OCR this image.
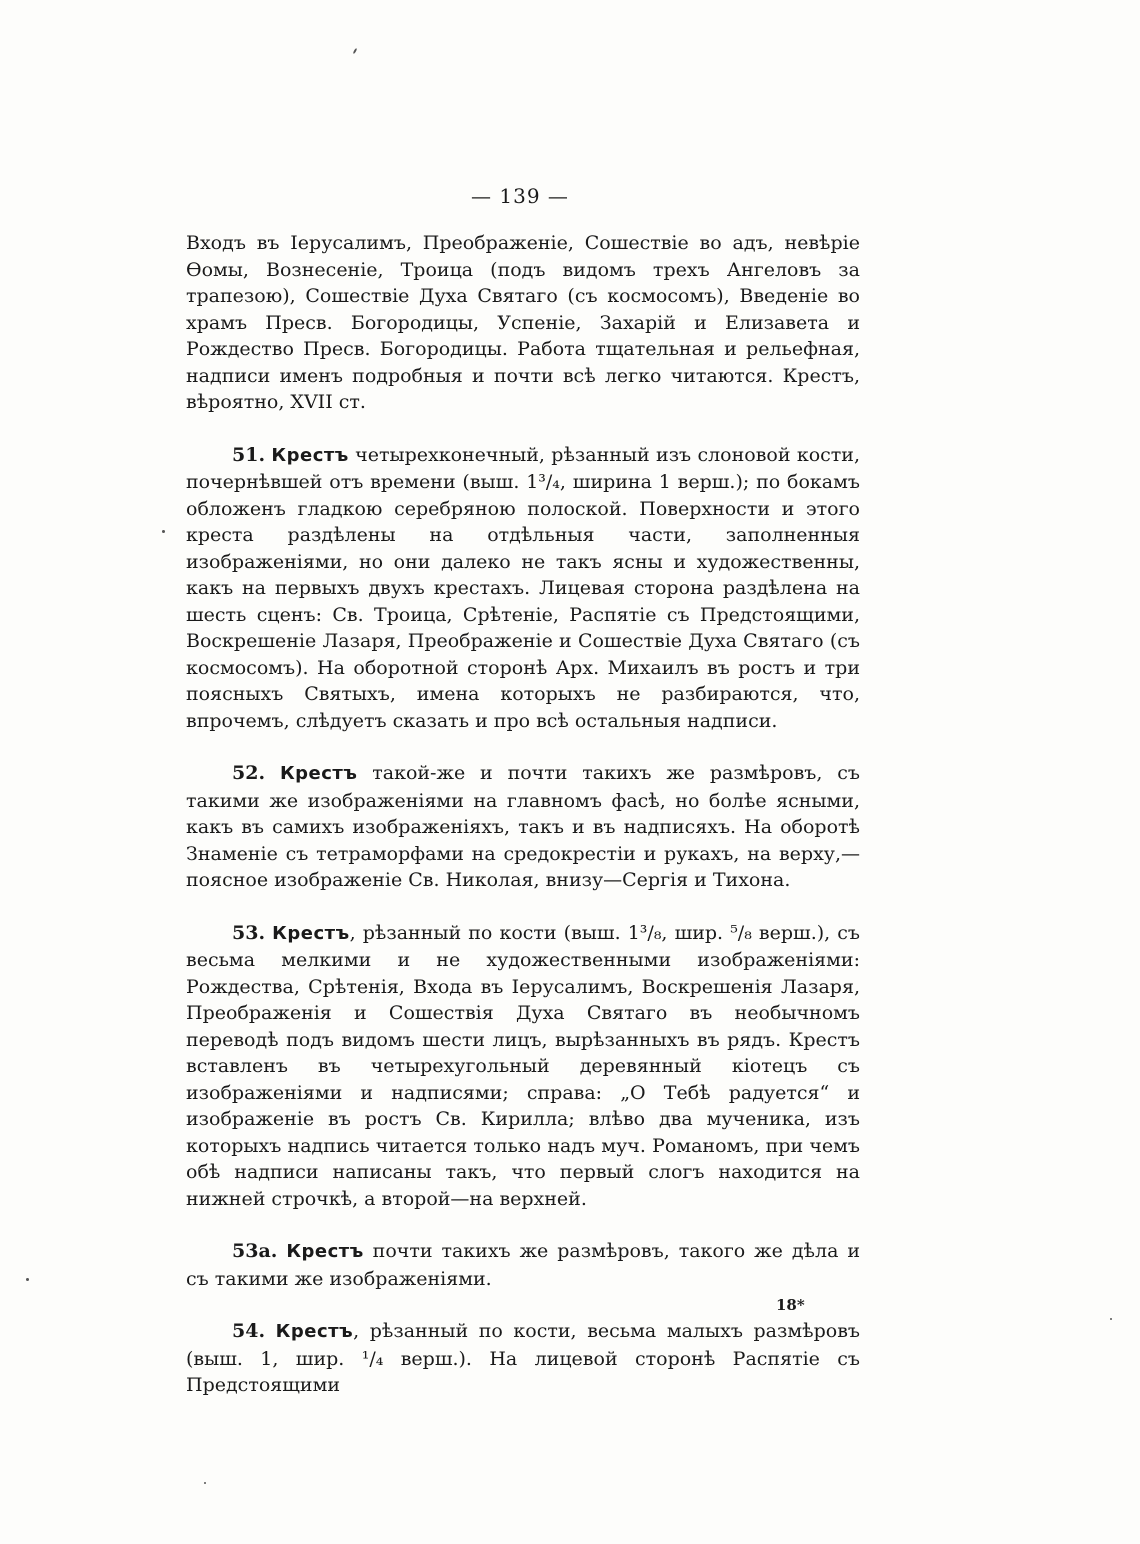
— 139 —

Входъ въ Іерусалимъ, Преображеніе, Сошествіе во адъ, невѣріе Ѳомы, Вознесеніе, Троица (подъ видомъ трехъ Ангеловъ за трапезою), Сошествіе Духа Святаго (съ космосомъ), Введеніе во храмъ Пресв. Богородицы, Успеніе, Захарій и Елизавета и Рождество Пресв. Богородицы. Работа тщательная и рельефная, надписи именъ подробныя и почти всѣ легко читаются. Крестъ, вѣроятно, XVII ст.

51. Крестъ четырехконечный, рѣзанный изъ слоновой кости, почернѣвшей отъ времени (выш. 1³/₄, ширина 1 верш.); по бокамъ обложенъ гладкою серебряною полоской. Поверхности и этого креста раздѣлены на отдѣльныя части, заполненныя изображеніями, но они далеко не такъ ясны и художественны, какъ на первыхъ двухъ крестахъ. Лицевая сторона раздѣлена на шесть сценъ: Св. Троица, Срѣтеніе, Распятіе съ Предстоящими, Воскрешеніе Лазаря, Преображеніе и Сошествіе Духа Святаго (съ космосомъ). На оборотной сторонѣ Арх. Михаилъ въ ростъ и три поясныхъ Святыхъ, имена которыхъ не разбираются, что, впрочемъ, слѣдуетъ сказать и про всѣ остальныя надписи.

52. Крестъ такой-же и почти такихъ же размѣровъ, съ такими же изображеніями на главномъ фасѣ, но болѣе ясными, какъ въ самихъ изображеніяхъ, такъ и въ надписяхъ. На оборотѣ Знаменіе съ тетраморфами на средокрестіи и рукахъ, на верху,—поясное изображеніе Св. Николая, внизу—Сергія и Тихона.

53. Крестъ, рѣзанный по кости (выш. 1³/₈, шир. ⁵/₈ верш.), съ весьма мелкими и не художественными изображеніями: Рождества, Срѣтенія, Входа въ Іерусалимъ, Воскрешенія Лазаря, Преображенія и Сошествія Духа Святаго въ необычномъ переводѣ подъ видомъ шести лицъ, вырѣзанныхъ въ рядъ. Крестъ вставленъ въ четырехугольный деревянный кіотецъ съ изображеніями и надписями; справа: „О Тебѣ радуется“ и изображеніе въ ростъ Св. Кирилла; влѣво два мученика, изъ которыхъ надпись читается только надъ муч. Романомъ, при чемъ обѣ надписи написаны такъ, что первый слогъ находится на нижней строчкѣ, а второй—на верхней.

53а. Крестъ почти такихъ же размѣровъ, такого же дѣла и съ такими же изображеніями.

54. Крестъ, рѣзанный по кости, весьма малыхъ размѣровъ (выш. 1, шир. ¹/₄ верш.). На лицевой сторонѣ Распятіе съ Предстоящими

18*
